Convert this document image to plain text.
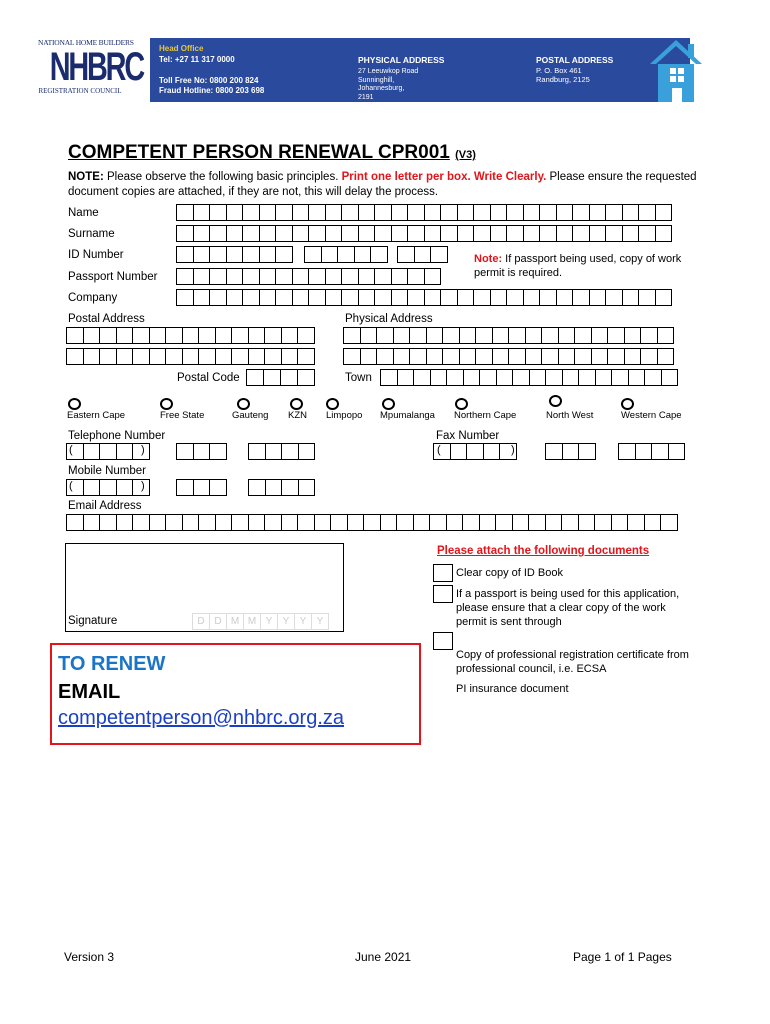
NATIONAL HOME BUILDERS
NHBRC
REGISTRATION COUNCIL
Head Office
Tel: +27 11 317 0000
Toll Free No: 0800 200 824
Fraud Hotline: 0800 203 698
PHYSICAL ADDRESS
27 Leeuwkop Road
Sunninghill,
Johannesburg,
2191
POSTAL ADDRESS
P. O. Box 461
Randburg, 2125
COMPETENT PERSON RENEWAL CPR001 (V3)
NOTE: Please observe the following basic principles. Print one letter per box. Write Clearly. Please ensure the requested document copies are attached, if they are not, this will delay the process.
Name
Surname
ID Number
Passport Number
Company
Postal Address	Physical Address
Postal Code	Town
Note: If passport being used, copy of work permit is required.
(	)	(	)
(	)
Eastern Cape	Free State	Gauteng KZN Limpopo Mpumalanga Northern Cape	North West	Western Cape
Telephone Number	Fax Number
Mobile Number
Email Address
Signature	D D M M Y	Y	Y	Y
Please attach the following documents
Clear copy of ID Book
If a passport is being used for this application, please ensure that a clear copy of the work permit is sent through
Copy of professional registration certificate from professional council, i.e. ECSA
PI insurance document
TO RENEW
EMAIL
competentperson@nhbrc.org.za
Version 3	June 2021	Page 1 of 1 Pages
